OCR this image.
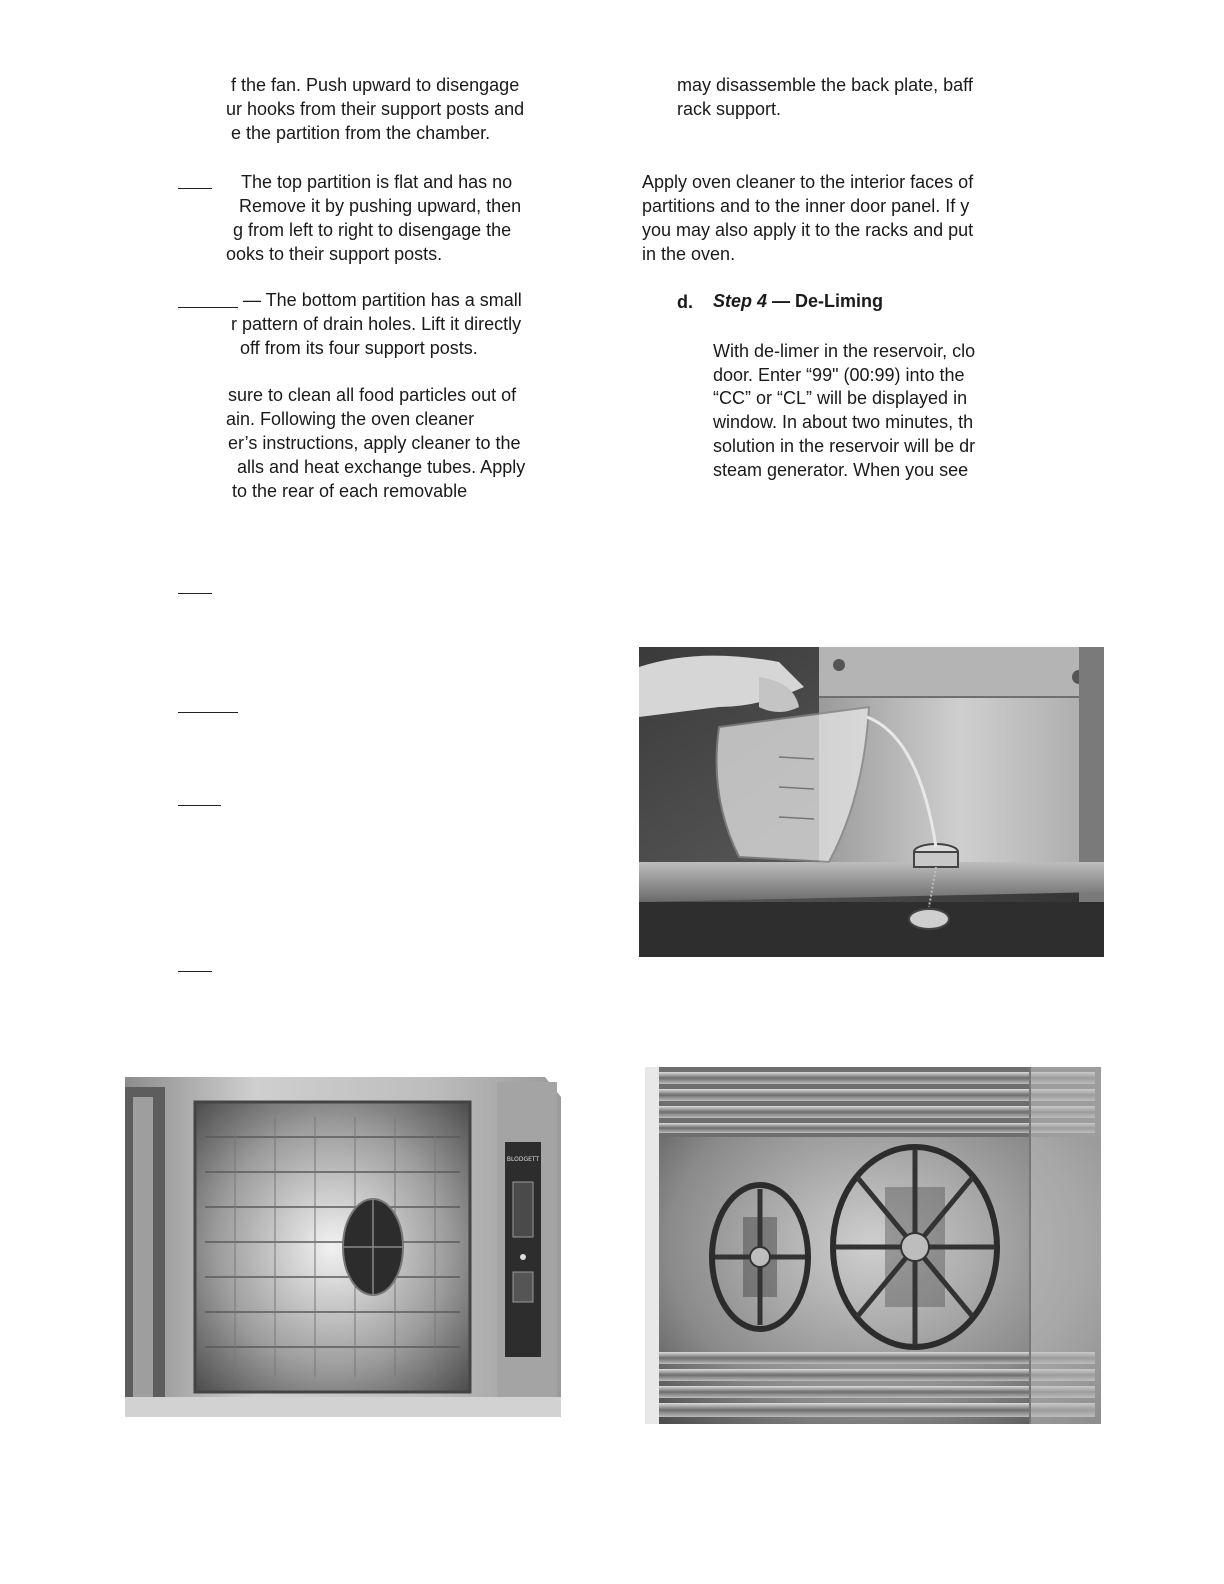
f the fan. Push upward to disengage

ur hooks from their support posts and

e the partition from the chamber.

The top partition is flat and has no

Remove it by pushing upward, then

g from left to right to disengage the

ooks to their support posts.

— The bottom partition has a small

r pattern of drain holes. Lift it directly

off from its four support posts.

sure to clean all food particles out of

ain. Following the oven cleaner

er’s instructions, apply cleaner to the

alls and heat exchange tubes. Apply

to the rear of each removable

may disassemble the back plate, baff

rack support.

Apply oven cleaner to the interior faces of

partitions and to the inner door panel. If y

you may also apply it to the racks and put

in the oven.

d. Step 4 — De-Liming

With de-limer in the reservoir, clo

door. Enter “99" (00:99) into the

“CC” or “CL” will be displayed in

window. In about two minutes, th

solution in the reservoir will be dr

steam generator. When you see

BLODGETT
